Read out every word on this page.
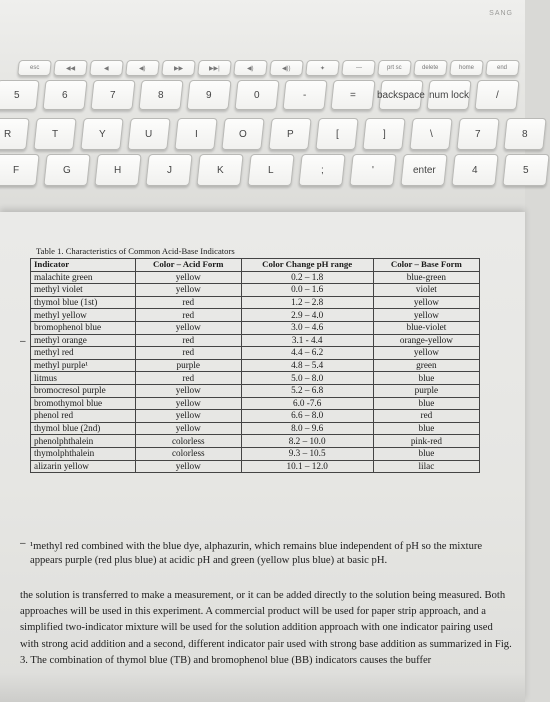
SANG
esc	◀◀	◀	◀)	▶▶	▶▶|	◀)	◀))	✦	—	prt sc	delete	home	end
5	6	7	8	9	0	-	= backspace num lock	/
R	T	Y	U	I	O	P	[	]	\	7	8
F	G	H	J	K	L	;	'	enter	4	5
Table 1. Characteristics of Common Acid-Base Indicators
Indicator	Color – Acid Form	Color Change pH range	Color – Base Form
malachite green	yellow	0.2 – 1.8	blue-green
methyl violet	yellow	0.0 – 1.6	violet
thymol blue (1st)	red	1.2 – 2.8	yellow
methyl yellow	red	2.9 – 4.0	yellow
bromophenol blue	yellow	3.0 – 4.6	blue-violet
methyl orange	red	3.1 - 4.4	orange-yellow
methyl red	red	4.4 – 6.2	yellow
methyl purple¹	purple	4.8 – 5.4	green
litmus	red	5.0 – 8.0	blue
bromocresol purple	yellow	5.2 – 6.8	purple
bromothymol blue	yellow	6.0 -7.6	blue
phenol red	yellow	6.6 – 8.0	red
thymol blue (2nd)	yellow	8.0 – 9.6	blue
phenolphthalein	colorless	8.2 – 10.0	pink-red
thymolphthalein	colorless	9.3 – 10.5	blue
alizarin yellow	yellow	10.1 – 12.0	lilac
–
– ¹methyl red combined with the blue dye, alphazurin, which remains blue independent of pH so the mixture appears purple (red plus blue) at acidic pH and green (yellow plus blue) at basic pH.
the solution is transferred to make a measurement, or it can be added directly to the solution being measured. Both approaches will be used in this experiment. A commercial product will be used for paper strip approach, and a simplified two-indicator mixture will be used for the solution addition approach with one indicator pairing used with strong acid addition and a second, different indicator pair used with strong base addition as summarized in Fig. 3. The combination of thymol blue (TB) and bromophenol blue (BB) indicators causes the buffer
